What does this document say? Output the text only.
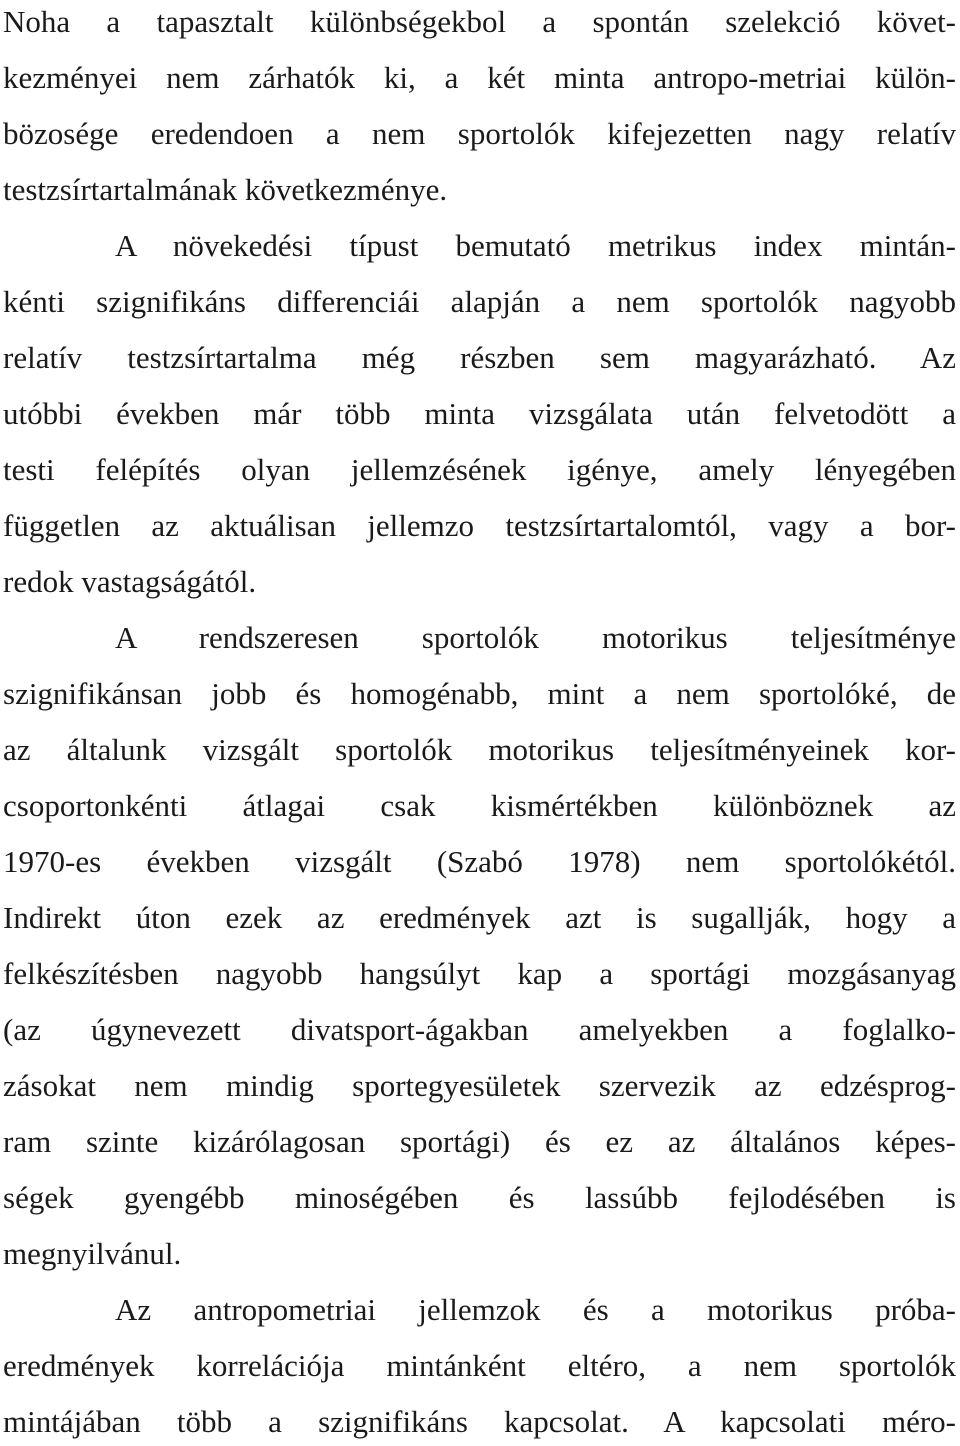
Noha a tapasztalt különbségekbol a spontán szelekció követ-
kezményei nem zárhatók ki, a két minta antropo-metriai külön-
bözosége eredendoen a nem sportolók kifejezetten nagy relatív
testzsírtartalmának következménye.
A növekedési típust bemutató metrikus index mintán-
kénti szignifikáns differenciái alapján a nem sportolók nagyobb
relatív testzsírtartalma még részben sem magyarázható. Az
utóbbi években már több minta vizsgálata után felvetodött a
testi felépítés olyan jellemzésének igénye, amely lényegében
független az aktuálisan jellemzo testzsírtartalomtól, vagy a bor-
redok vastagságától.
A rendszeresen sportolók motorikus teljesítménye
szignifikánsan jobb és homogénabb, mint a nem sportolóké, de
az általunk vizsgált sportolók motorikus teljesítményeinek kor-
csoportonkénti átlagai csak kismértékben különböznek az
1970-es években vizsgált (Szabó 1978) nem sportolókétól.
Indirekt úton ezek az eredmények azt is sugallják, hogy a
felkészítésben nagyobb hangsúlyt kap a sportági mozgásanyag
(az úgynevezett divatsport-ágakban amelyekben a foglalko-
zásokat nem mindig sportegyesületek szervezik az edzésprog-
ram szinte kizárólagosan sportági) és ez az általános képes-
ségek gyengébb minoségében és lassúbb fejlodésében is
megnyilvánul.
Az antropometriai jellemzok és a motorikus próba-
eredmények korrelációja mintánként eltéro, a nem sportolók
mintájában több a szignifikáns kapcsolat. A kapcsolati méro-
